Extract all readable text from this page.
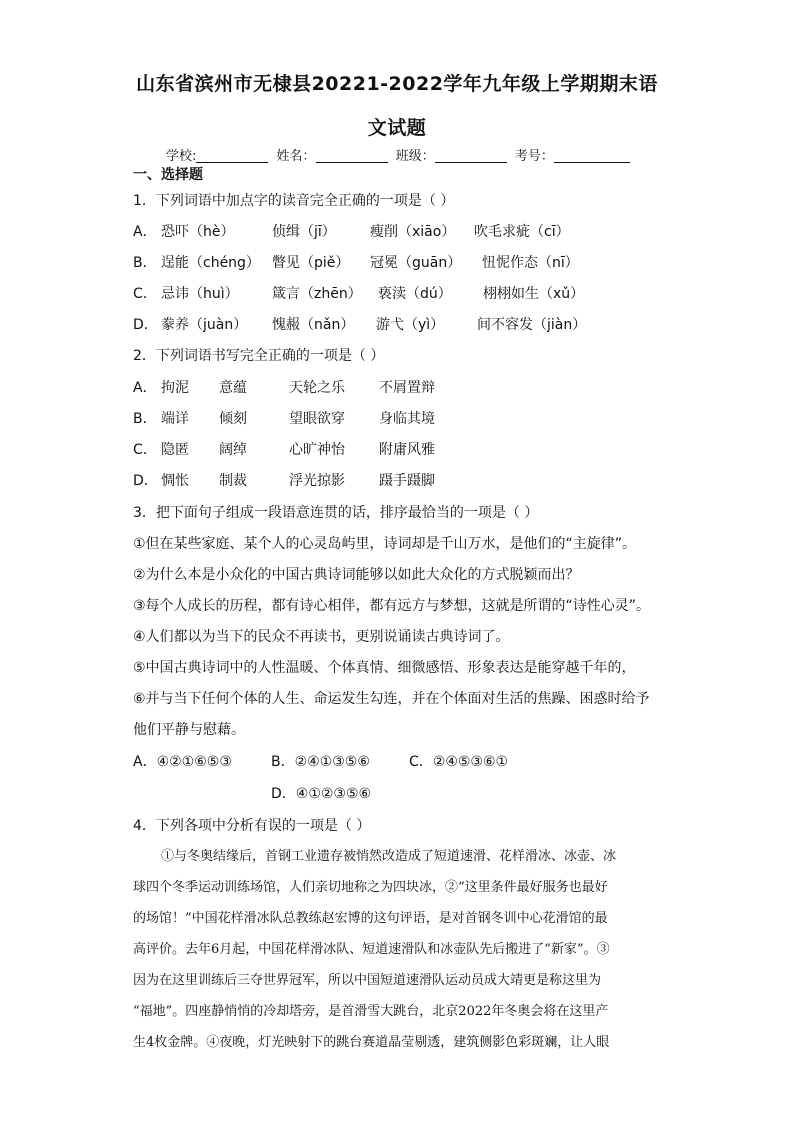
山东省滨州市无棣县20221-2022学年九年级上学期期末语
文试题
学校:	姓名：	班级：	考号：
一、选择题
1．下列词语中加点字的读音完全正确的一项是（ ）
A． 恐吓（hè）	侦缉（jī） 瘦削（xiāo） 吹毛求疵（cī）
B． 逞能（chéng） 瞥见（piě） 冠冕（guān） 忸怩作态（nī）
C． 忌讳（huì） 箴言（zhēn） 亵渎（dú） 栩栩如生（xǔ）
D． 豢养（juàn） 愧赧（nǎn） 游弋（yì） 间不容发（jiàn）
2．下列词语书写完全正确的一项是（ ）
A． 拘泥 意蕴	天轮之乐 不屑置辩
B． 端详 倾刻	望眼欲穿 身临其境
C． 隐匿 阔绰	心旷神怡 附庸风雅
D． 惆怅 制裁	浮光掠影 蹑手蹑脚
3．把下面句子组成一段语意连贯的话，排序最恰当的一项是（ ）
①但在某些家庭、某个人的心灵岛屿里，诗词却是千山万水，是他们的“主旋律”。
②为什么本是小众化的中国古典诗词能够以如此大众化的方式脱颖而出？
③每个人成长的历程，都有诗心相伴，都有远方与梦想，这就是所谓的“诗性心灵”。
④人们都以为当下的民众不再读书，更别说诵读古典诗词了。
⑤中国古典诗词中的人性温暖、个体真情、细微感悟、形象表达是能穿越千年的，
⑥并与当下任何个体的人生、命运发生勾连，并在个体面对生活的焦躁、困惑时给予
他们平静与慰藉。
A．④②①⑥⑤③	B．②④①③⑤⑥	C．②④⑤③⑥①
D．④①②③⑤⑥
4．下列各项中分析有误的一项是（ ）
①与冬奥结缘后，首钢工业遗存被悄然改造成了短道速滑、花样滑冰、冰壶、冰
球四个冬季运动训练场馆，人们亲切地称之为四块冰，②“这里条件最好服务也最好
的场馆！”中国花样滑冰队总教练赵宏博的这句评语，是对首钢冬训中心花滑馆的最
高评价。去年6月起，中国花样滑冰队、短道速滑队和冰壶队先后搬进了“新家”。③
因为在这里训练后三夺世界冠军，所以中国短道速滑队运动员成大靖更是称这里为
“福地”。四座静悄悄的冷却塔旁，是首滑雪大跳台，北京2022年冬奥会将在这里产
生4枚金牌。④夜晚，灯光映射下的跳台赛道晶莹剔透，建筑侧影色彩斑斓，让人眼
